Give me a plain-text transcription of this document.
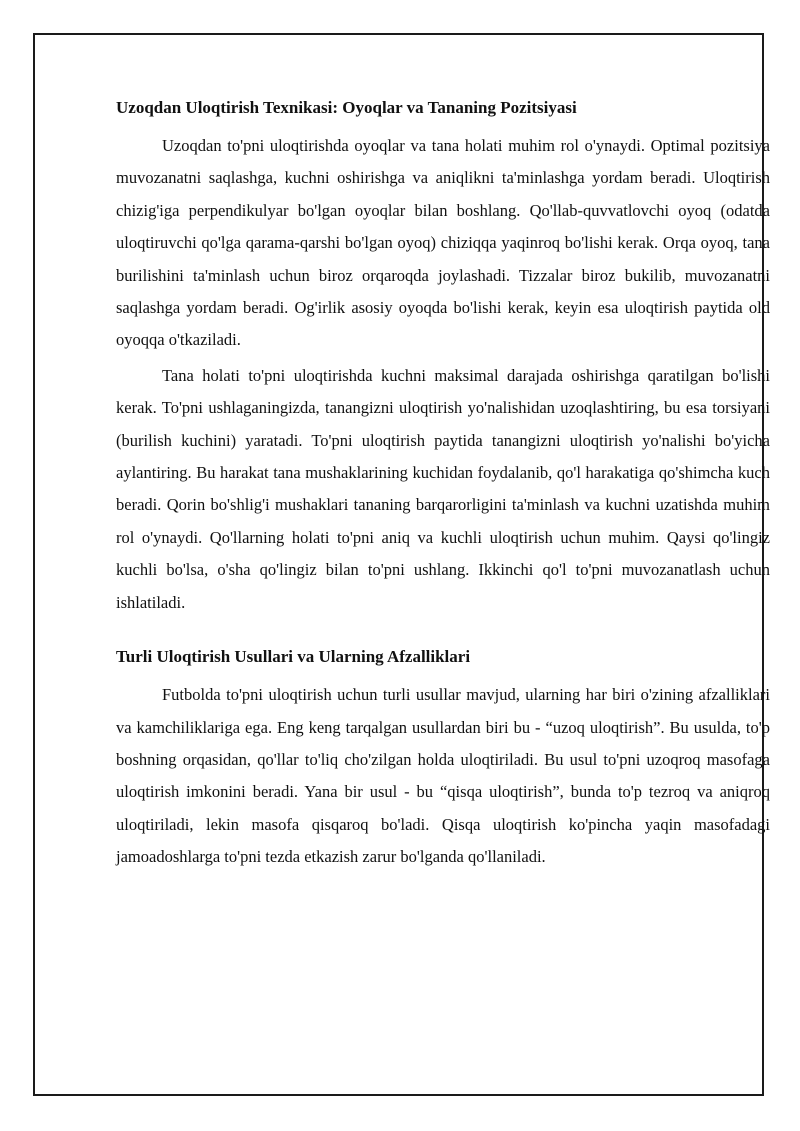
Uzoqdan Uloqtirish Texnikasi: Oyoqlar va Tananing Pozitsiyasi

Uzoqdan to'pni uloqtirishda oyoqlar va tana holati muhim rol o'ynaydi. Optimal pozitsiya muvozanatni saqlashga, kuchni oshirishga va aniqlikni ta'minlashga yordam beradi. Uloqtirish chizig'iga perpendikulyar bo'lgan oyoqlar bilan boshlang. Qo'llab-quvvatlovchi oyoq (odatda uloqtiruvchi qo'lga qarama-qarshi bo'lgan oyoq) chiziqqa yaqinroq bo'lishi kerak. Orqa oyoq, tana burilishini ta'minlash uchun biroz orqaroqda joylashadi. Tizzalar biroz bukilib, muvozanatni saqlashga yordam beradi. Og'irlik asosiy oyoqda bo'lishi kerak, keyin esa uloqtirish paytida old oyoqqa o'tkaziladi.

Tana holati to'pni uloqtirishda kuchni maksimal darajada oshirishga qaratilgan bo'lishi kerak. To'pni ushlaganingizda, tanangizni uloqtirish yo'nalishidan uzoqlashtiring, bu esa torsiyani (burilish kuchini) yaratadi. To'pni uloqtirish paytida tanangizni uloqtirish yo'nalishi bo'yicha aylantiring. Bu harakat tana mushaklarining kuchidan foydalanib, qo'l harakatiga qo'shimcha kuch beradi. Qorin bo'shlig'i mushaklari tananing barqarorligini ta'minlash va kuchni uzatishda muhim rol o'ynaydi. Qo'llarning holati to'pni aniq va kuchli uloqtirish uchun muhim. Qaysi qo'lingiz kuchli bo'lsa, o'sha qo'lingiz bilan to'pni ushlang. Ikkinchi qo'l to'pni muvozanatlash uchun ishlatiladi.

Turli Uloqtirish Usullari va Ularning Afzalliklari

Futbolda to'pni uloqtirish uchun turli usullar mavjud, ularning har biri o'zining afzalliklari va kamchiliklariga ega. Eng keng tarqalgan usullardan biri bu - “uzoq uloqtirish”. Bu usulda, to'p boshning orqasidan, qo'llar to'liq cho'zilgan holda uloqtiriladi. Bu usul to'pni uzoqroq masofaga uloqtirish imkonini beradi. Yana bir usul - bu “qisqa uloqtirish”, bunda to'p tezroq va aniqroq uloqtiriladi, lekin masofa qisqaroq bo'ladi. Qisqa uloqtirish ko'pincha yaqin masofadagi jamoadoshlarga to'pni tezda etkazish zarur bo'lganda qo'llaniladi.
